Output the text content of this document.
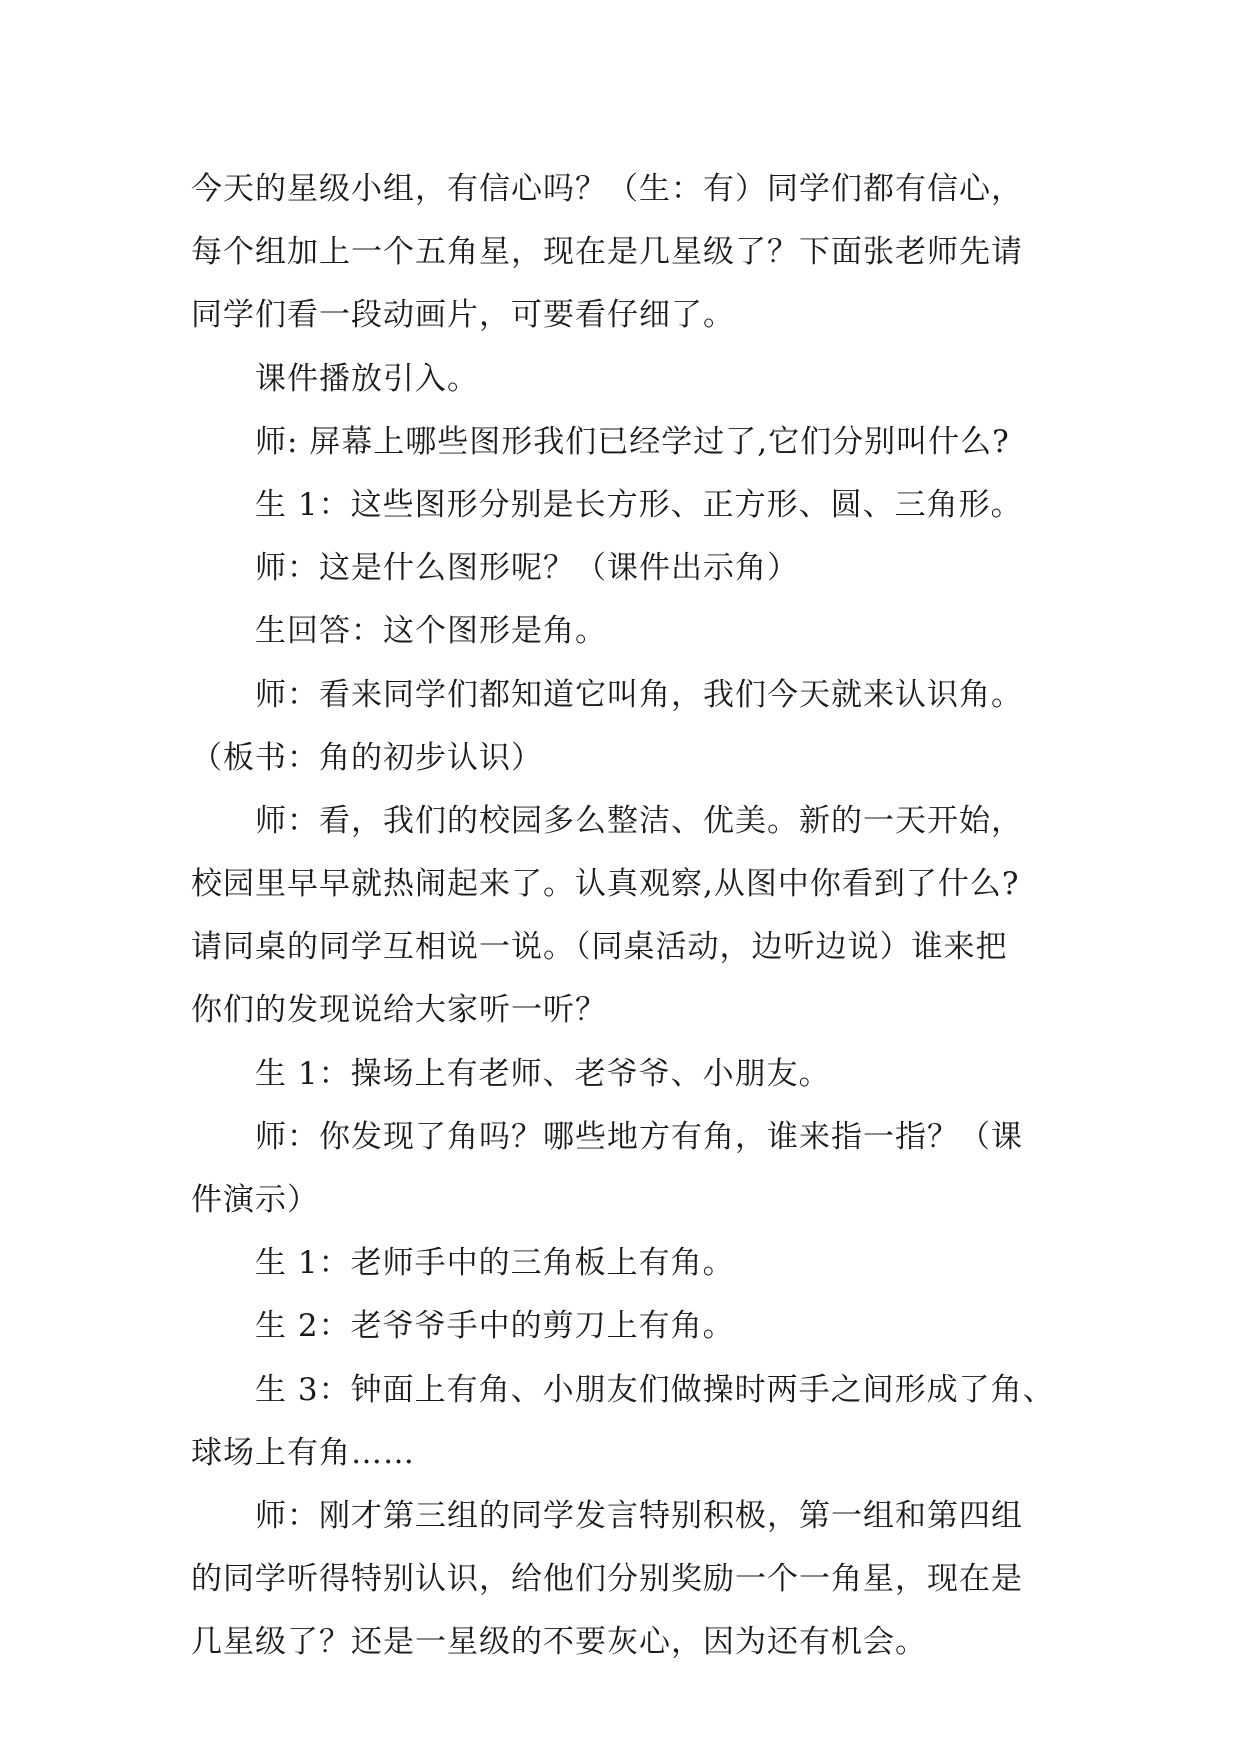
今天的星级小组，有信心吗？（生：有）同学们都有信心，
每个组加上一个五角星，现在是几星级了？下面张老师先请
同学们看一段动画片，可要看仔细了。
课件播放引入。
师: 屏幕上哪些图形我们已经学过了,它们分别叫什么?
生 1：这些图形分别是长方形、正方形、圆、三角形。
师：这是什么图形呢？（课件出示角）
生回答：这个图形是角。
师：看来同学们都知道它叫角，我们今天就来认识角。
（板书：角的初步认识）
师：看，我们的校园多么整洁、优美。新的一天开始，
校园里早早就热闹起来了。认真观察,从图中你看到了什么?
请同桌的同学互相说一说。（同桌活动，边听边说）谁来把
你们的发现说给大家听一听？
生 1：操场上有老师、老爷爷、小朋友。
师：你发现了角吗？哪些地方有角，谁来指一指？（课
件演示）
生 1：老师手中的三角板上有角。
生 2：老爷爷手中的剪刀上有角。
生 3：钟面上有角、小朋友们做操时两手之间形成了角、
球场上有角……
师：刚才第三组的同学发言特别积极，第一组和第四组
的同学听得特别认识，给他们分别奖励一个一角星，现在是
几星级了？还是一星级的不要灰心，因为还有机会。
